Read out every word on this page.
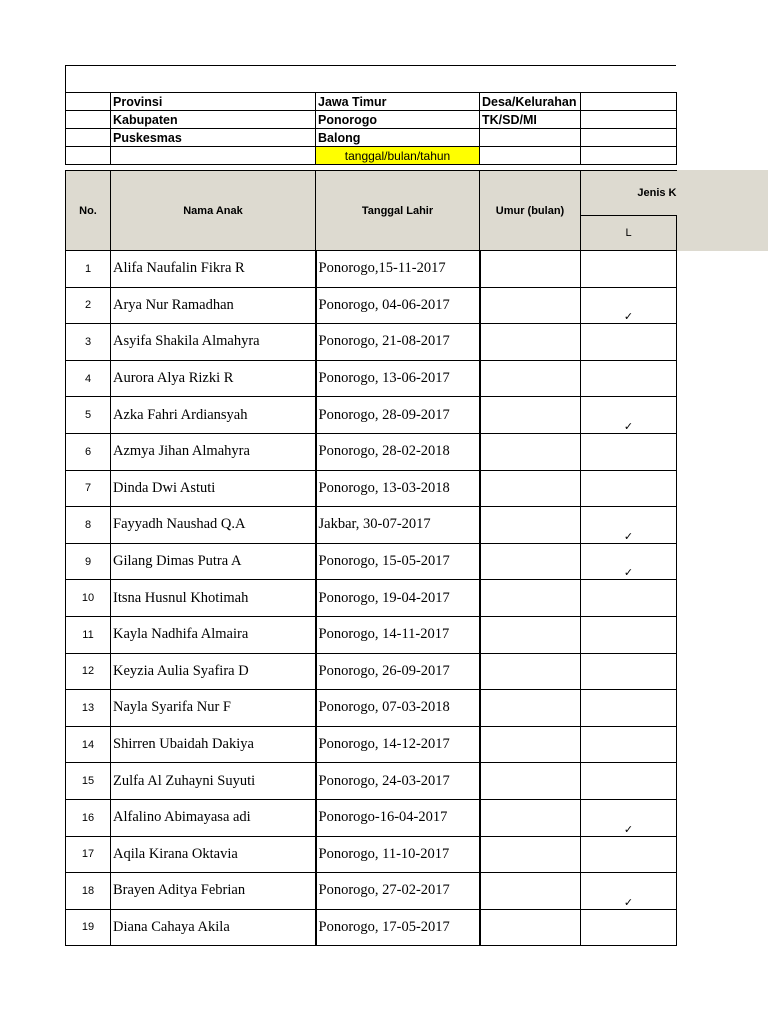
	Provinsi	Jawa Timur	Desa/Kelurahan	
	Kabupaten	Ponorogo	TK/SD/MI	
	Puskesmas	Balong		
		tanggal/bulan/tahun		
No.	Nama Anak	Tanggal Lahir	Umur (bulan)	Jenis K	
				L	
1	Alifa Naufalin Fikra R	Ponorogo,15-11-2017			
2	Arya Nur Ramadhan	Ponorogo, 04-06-2017		✓	
3	Asyifa Shakila Almahyra	Ponorogo, 21-08-2017			
4	Aurora Alya Rizki R	Ponorogo, 13-06-2017			
5	Azka Fahri Ardiansyah	Ponorogo, 28-09-2017		✓	
6	Azmya Jihan Almahyra	Ponorogo, 28-02-2018			
7	Dinda Dwi Astuti	Ponorogo, 13-03-2018			
8	Fayyadh Naushad Q.A	Jakbar, 30-07-2017		✓	
9	Gilang Dimas Putra A	Ponorogo, 15-05-2017		✓	
10	Itsna Husnul Khotimah	Ponorogo, 19-04-2017			
11	Kayla Nadhifa Almaira	Ponorogo, 14-11-2017			
12	Keyzia Aulia Syafira D	Ponorogo, 26-09-2017			
13	Nayla Syarifa Nur F	Ponorogo, 07-03-2018			
14	Shirren Ubaidah Dakiya	Ponorogo, 14-12-2017			
15	Zulfa Al Zuhayni Suyuti	Ponorogo, 24-03-2017			
16	Alfalino Abimayasa adi	Ponorogo-16-04-2017		✓	
17	Aqila Kirana Oktavia	Ponorogo, 11-10-2017			
18	Brayen Aditya Febrian	Ponorogo, 27-02-2017		✓	
19	Diana Cahaya Akila	Ponorogo, 17-05-2017			
